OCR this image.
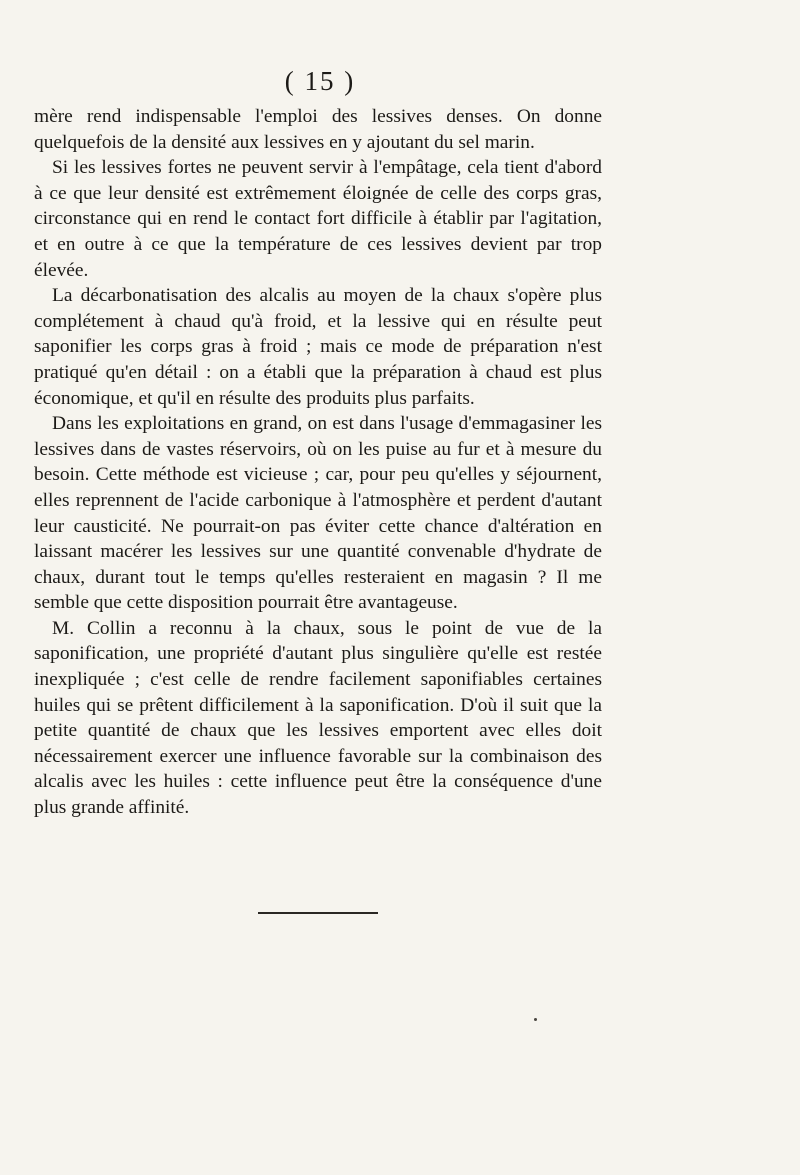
( 15 )

mère rend indispensable l'emploi des lessives denses. On donne quelquefois de la densité aux lessives en y ajoutant du sel marin.

Si les lessives fortes ne peuvent servir à l'empâtage, cela tient d'abord à ce que leur densité est extrêmement éloignée de celle des corps gras, circonstance qui en rend le contact fort difficile à établir par l'agitation, et en outre à ce que la température de ces lessives devient par trop élevée.

La décarbonatisation des alcalis au moyen de la chaux s'opère plus complétement à chaud qu'à froid, et la lessive qui en résulte peut saponifier les corps gras à froid ; mais ce mode de préparation n'est pratiqué qu'en détail : on a établi que la préparation à chaud est plus économique, et qu'il en résulte des produits plus parfaits.

Dans les exploitations en grand, on est dans l'usage d'emmagasiner les lessives dans de vastes réservoirs, où on les puise au fur et à mesure du besoin. Cette méthode est vicieuse ; car, pour peu qu'elles y séjournent, elles reprennent de l'acide carbonique à l'atmosphère et perdent d'autant leur causticité. Ne pourrait-on pas éviter cette chance d'altération en laissant macérer les lessives sur une quantité convenable d'hydrate de chaux, durant tout le temps qu'elles resteraient en magasin ? Il me semble que cette disposition pourrait être avantageuse.

M. Collin a reconnu à la chaux, sous le point de vue de la saponification, une propriété d'autant plus singulière qu'elle est restée inexpliquée ; c'est celle de rendre facilement saponifiables certaines huiles qui se prêtent difficilement à la saponification. D'où il suit que la petite quantité de chaux que les lessives emportent avec elles doit nécessairement exercer une influence favorable sur la combinaison des alcalis avec les huiles : cette influence peut être la conséquence d'une plus grande affinité.
